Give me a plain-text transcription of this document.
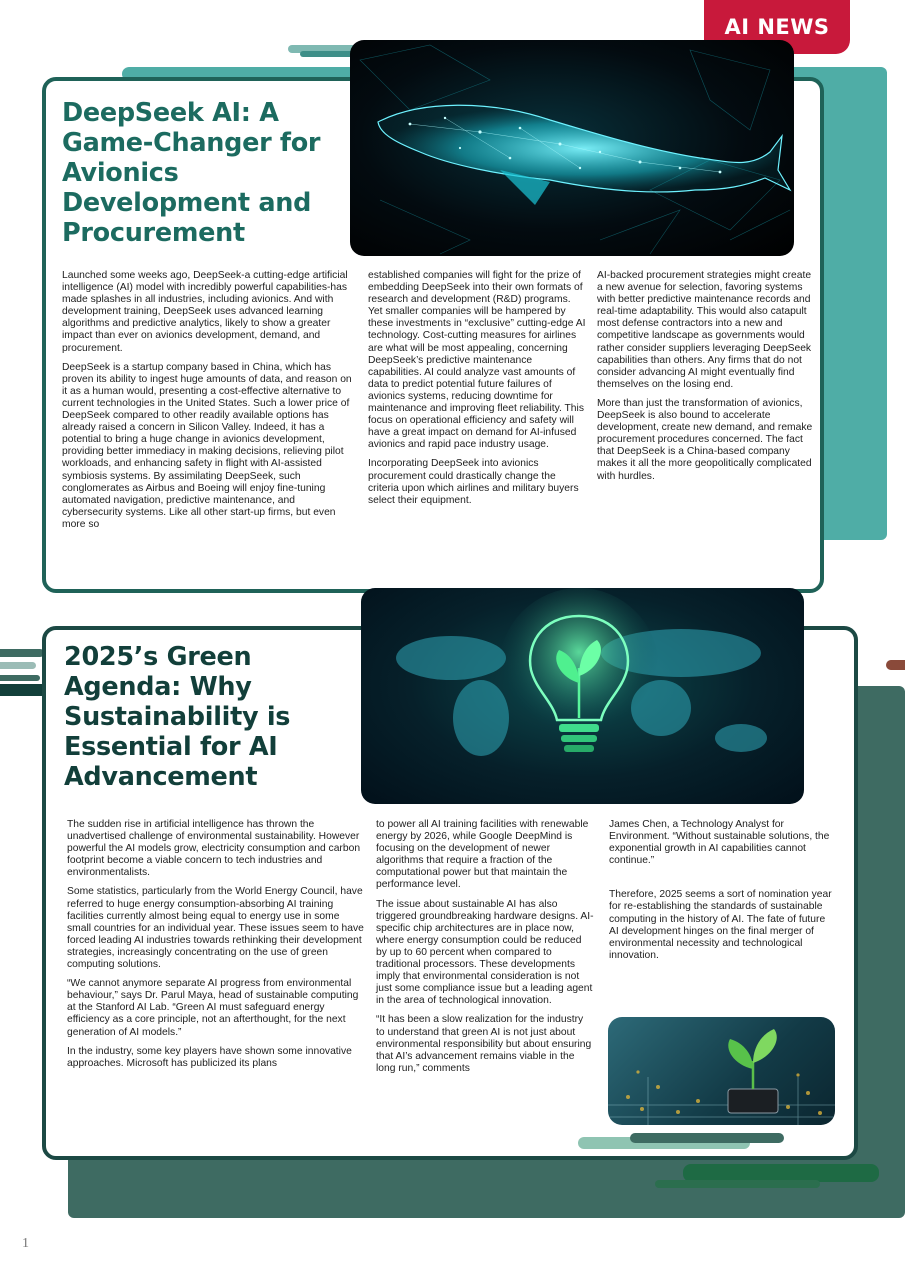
AI NEWS
DeepSeek AI: A Game-Changer for Avionics Development and Procurement

Launched some weeks ago, DeepSeek-a cutting-edge artificial intelligence (AI) model with incredibly powerful capabilities-has made splashes in all industries, including avionics. And with development training, DeepSeek uses advanced learning algorithms and predictive analytics, likely to show a greater impact than ever on avionics development, demand, and procurement.

DeepSeek is a startup company based in China, which has proven its ability to ingest huge amounts of data, and reason on it as a human would, presenting a cost-effective alternative to current technologies in the United States. Such a lower price of DeepSeek compared to other readily available options has already raised a concern in Silicon Valley. Indeed, it has a potential to bring a huge change in avionics development, providing better immediacy in making decisions, relieving pilot workloads, and enhancing safety in flight with AI-assisted symbiosis systems. By assimilating DeepSeek, such conglomerates as Airbus and Boeing will enjoy fine-tuning automated navigation, predictive maintenance, and cybersecurity systems. Like all other start-up firms, but even more so

established companies will fight for the prize of embedding DeepSeek into their own formats of research and development (R&D) programs. Yet smaller companies will be hampered by these investments in “exclusive” cutting-edge AI technology. Cost-cutting measures for airlines are what will be most appealing, concerning DeepSeek’s predictive maintenance capabilities. AI could analyze vast amounts of data to predict potential future failures of avionics systems, reducing downtime for maintenance and improving fleet reliability. This focus on operational efficiency and safety will have a great impact on demand for AI-infused avionics and rapid pace industry usage.

Incorporating DeepSeek into avionics procurement could drastically change the criteria upon which airlines and military buyers select their equipment.

AI-backed procurement strategies might create a new avenue for selection, favoring systems with better predictive maintenance records and real-time adaptability. This would also catapult most defense contractors into a new and competitive landscape as governments would rather consider suppliers leveraging DeepSeek capabilities than others. Any firms that do not consider advancing AI might eventually find themselves on the losing end.

More than just the transformation of avionics, DeepSeek is also bound to accelerate development, create new demand, and remake procurement procedures concerned. The fact that DeepSeek is a China-based company makes it all the more geopolitically complicated with hurdles.

2025’s Green Agenda: Why Sustainability is Essential for AI Advancement

The sudden rise in artificial intelligence has thrown the unadvertised challenge of environmental sustainability. However powerful the AI models grow, electricity consumption and carbon footprint become a viable concern to tech industries and environmentalists.

Some statistics, particularly from the World Energy Council, have referred to huge energy consumption-absorbing AI training facilities currently almost being equal to energy use in some small countries for an individual year. These issues seem to have forced leading AI industries towards rethinking their development strategies, increasingly concentrating on the use of green computing solutions.

“We cannot anymore separate AI progress from environmental behaviour,” says Dr. Parul Maya, head of sustainable computing at the Stanford AI Lab. “Green AI must safeguard energy efficiency as a core principle, not an afterthought, for the next generation of AI models.”

In the industry, some key players have shown some innovative approaches. Microsoft has publicized its plans

to power all AI training facilities with renewable energy by 2026, while Google DeepMind is focusing on the development of newer algorithms that require a fraction of the computational power but that maintain the performance level.

The issue about sustainable AI has also triggered groundbreaking hardware designs. AI-specific chip architectures are in place now, where energy consumption could be reduced by up to 60 percent when compared to traditional processors. These developments imply that environmental consideration is not just some compliance issue but a leading agent in the area of technological innovation.

“It has been a slow realization for the industry to understand that green AI is not just about environmental responsibility but about ensuring that AI’s advancement remains viable in the long run,” comments

James Chen, a Technology Analyst for Environment. “Without sustainable solutions, the exponential growth in AI capabilities cannot continue.”

Therefore, 2025 seems a sort of nomination year for re-establishing the standards of sustainable computing in the history of AI. The fate of future AI development hinges on the final merger of environmental necessity and technological innovation.

1
